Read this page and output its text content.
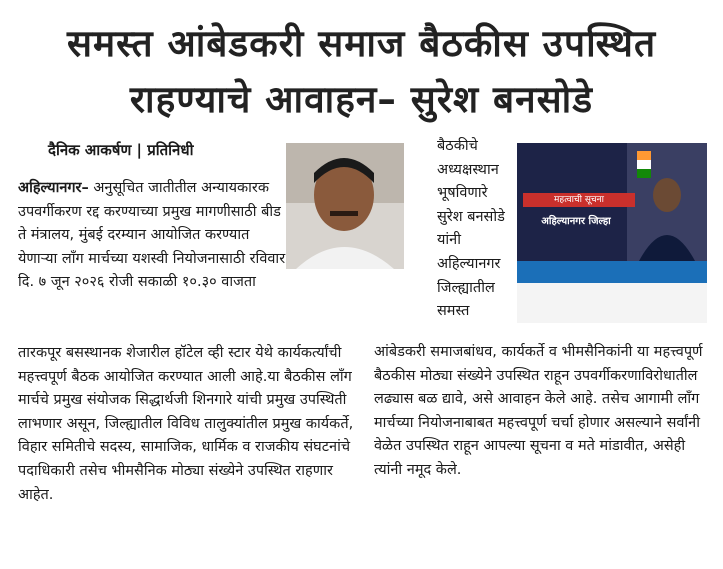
समस्त आंबेडकरी समाज बैठकीस उपस्थित
राहण्याचे आवाहन– सुरेश बनसोडे
दैनिक आकर्षण | प्रतिनिधी
अहिल्यानगर– अनुसूचित जातीतील अन्यायकारक उपवर्गीकरण रद्द करण्याच्या प्रमुख मागणीसाठी बीड ते मंत्रालय, मुंबई दरम्यान आयोजित करण्यात येणाऱ्या लाँग मार्चच्या यशस्वी नियोजनासाठी रविवार दि. ७ जून २०२६ रोजी सकाळी १०.३० वाजता
बैठकीचे अध्यक्षस्थान भूषविणारे सुरेश बनसोडे यांनी अहिल्यानगर जिल्ह्यातील समस्त
महत्वाची सूचना
अहिल्यानगर जिल्हा
तारकपूर बसस्थानक शेजारील हॉटेल व्ही स्टार येथे कार्यकर्त्यांची महत्त्वपूर्ण बैठक आयोजित करण्यात आली आहे.या बैठकीस लाँग मार्चचे प्रमुख संयोजक सिद्धार्थजी शिनगारे यांची प्रमुख उपस्थिती लाभणार असून, जिल्ह्यातील विविध तालुक्यांतील प्रमुख कार्यकर्ते, विहार समितीचे सदस्य, सामाजिक, धार्मिक व राजकीय संघटनांचे पदाधिकारी तसेच भीमसैनिक मोठ्या संख्येने उपस्थित राहणार आहेत.
आंबेडकरी समाजबांधव, कार्यकर्ते व भीमसैनिकांनी या महत्त्वपूर्ण बैठकीस मोठ्या संख्येने उपस्थित राहून उपवर्गीकरणाविरोधातील लढ्यास बळ द्यावे, असे आवाहन केले आहे. तसेच आगामी लाँग मार्चच्या नियोजनाबाबत महत्त्वपूर्ण चर्चा होणार असल्याने सर्वांनी वेळेत उपस्थित राहून आपल्या सूचना व मते मांडावीत, असेही त्यांनी नमूद केले.
